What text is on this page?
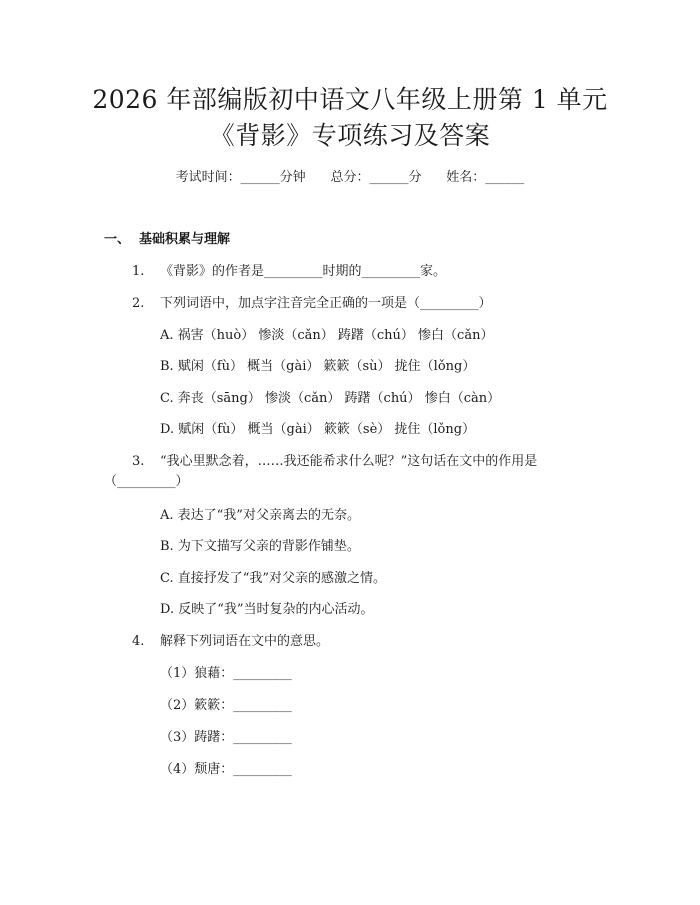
2026 年部编版初中语文八年级上册第 1 单元
《背影》专项练习及答案
考试时间：______分钟 总分：______分 姓名：______
一、  基础积累与理解
1. 《背影》的作者是_________时期的_________家。
2. 下列词语中，加点字注音完全正确的一项是（_________）
A. 祸害（huò） 惨淡（cǎn） 踌躇（chú） 惨白（cǎn）
B. 赋闲（fù） 概当（gài） 簌簌（sù） 拢住（lǒng）
C. 奔丧（sāng） 惨淡（cǎn） 踌躇（chú） 惨白（càn）
D. 赋闲（fù） 概当（gài） 簌簌（sè） 拢住（lǒng）
3. “我心里默念着，……我还能希求什么呢？”这句话在文中的作用是
（_________）
A. 表达了“我”对父亲离去的无奈。
B. 为下文描写父亲的背影作铺垫。
C. 直接抒发了“我”对父亲的感激之情。
D. 反映了“我”当时复杂的内心活动。
4. 解释下列词语在文中的意思。
（1）狼藉：_________
（2）簌簌：_________
（3）踌躇：_________
（4）颓唐：_________
